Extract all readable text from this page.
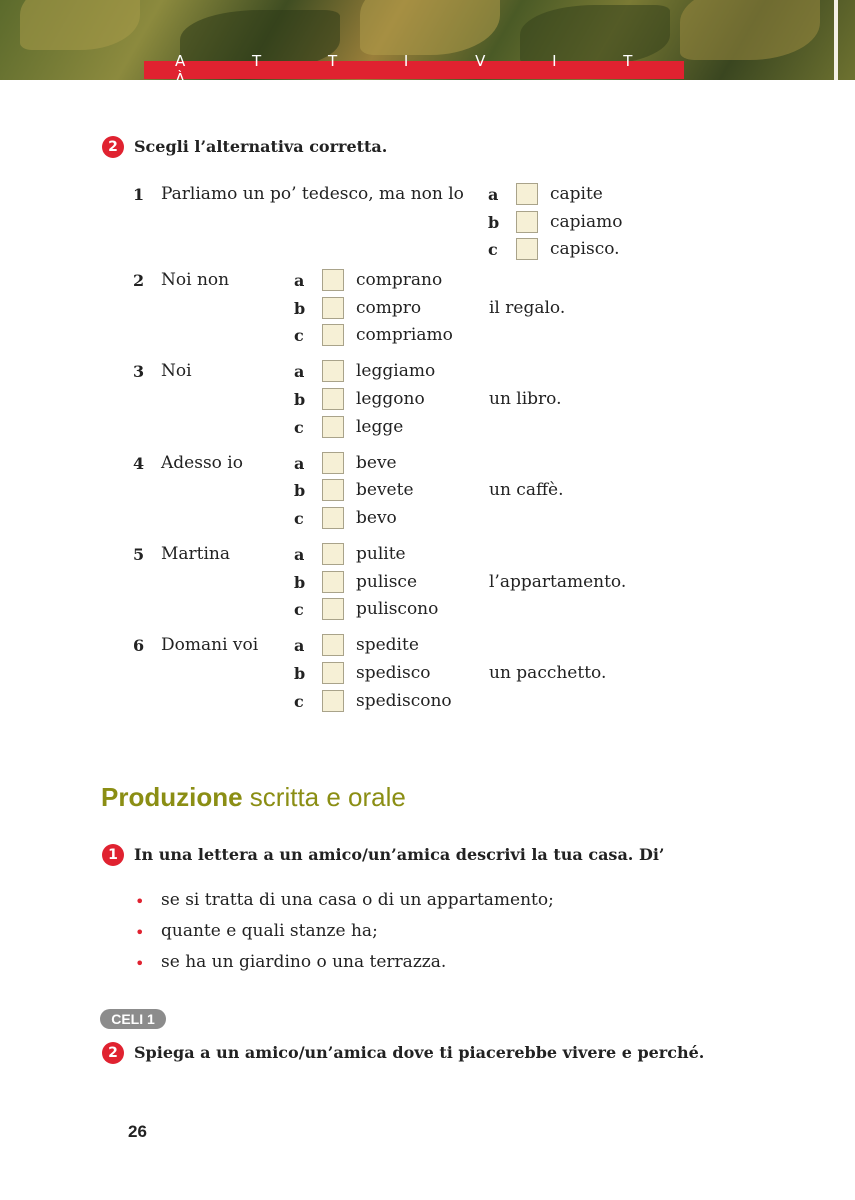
A T T I V I T À
2	Scegli l’alternativa corretta.
1 Parliamo un po’ tedesco, ma non lo a	capite
b	capiamo
c	capisco.
2 Noi non	a	comprano
b	compro	il regalo.
c	compriamo
3 Noi	a	leggiamo
b	leggono	un libro.
c	legge
4 Adesso io	a	beve
b	bevete	un caffè.
c	bevo
5 Martina	a	pulite
b	pulisce	l’appartamento.
c	puliscono
6 Domani voi a	spedite
b	spedisco	un pacchetto.
c	spediscono
Produzione scritta e orale
1	In una lettera a un amico/un’amica descrivi la tua casa. Di’
• se si tratta di una casa o di un appartamento;
• quante e quali stanze ha;
• se ha un giardino o una terrazza.
CELI 1
2	Spiega a un amico/un’amica dove ti piacerebbe vivere e perché.
26
